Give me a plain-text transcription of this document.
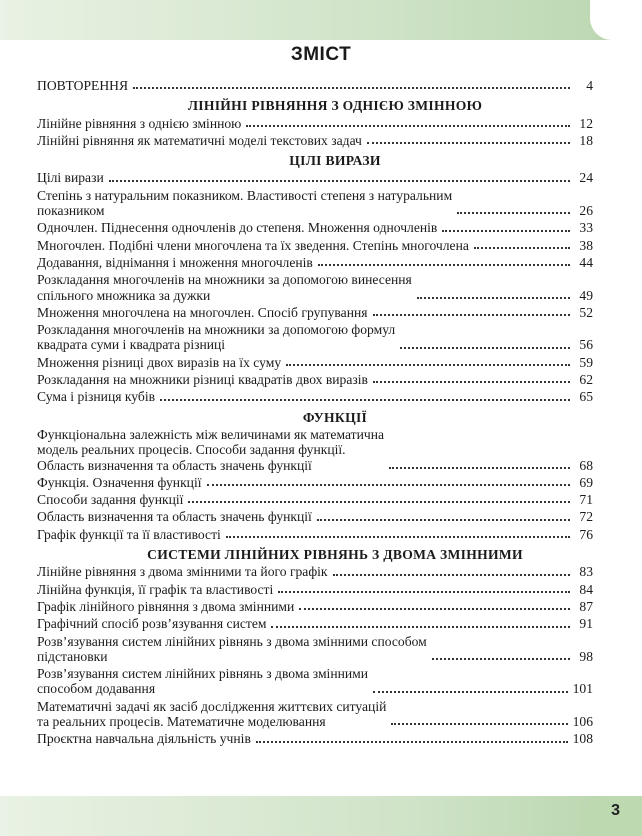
ЗМІСТ
ПОВТОРЕННЯ	4
ЛІНІЙНІ РІВНЯННЯ З ОДНІЄЮ ЗМІННОЮ
Лінійне рівняння з однією змінною	12
Лінійні рівняння як математичні моделі текстових задач	18
ЦІЛІ ВИРАЗИ
Цілі вирази	24
Степінь з натуральним показником. Властивості степеня з натуральним
показником	26
Одночлен. Піднесення одночленів до степеня. Множення одночленів	33
Многочлен. Подібні члени многочлена та їх зведення. Степінь многочлена	38
Додавання, віднімання і множення многочленів	44
Розкладання многочленів на множники за допомогою винесення
спільного множника за дужки	49
Множення многочлена на многочлен. Спосіб групування	52
Розкладання многочленів на множники за допомогою формул
квадрата суми і квадрата різниці	56
Множення різниці двох виразів на їх суму	59
Розкладання на множники різниці квадратів двох виразів	62
Сума і різниця кубів	65
ФУНКЦІЇ
Функціональна залежність між величинами як математична
модель реальних процесів. Способи задання функції.
Область визначення та область значень функції	68
Функція. Означення функції	69
Способи задання функції	71
Область визначення та область значень функції	72
Графік функції та її властивості	76
СИСТЕМИ ЛІНІЙНИХ РІВНЯНЬ З ДВОМА ЗМІННИМИ
Лінійне рівняння з двома змінними та його графік	83
Лінійна функція, її графік та властивості	84
Графік лінійного рівняння з двома змінними	87
Графічний спосіб розв’язування систем	91
Розв’язування систем лінійних рівнянь з двома змінними способом
підстановки	98
Розв’язування систем лінійних рівнянь з двома змінними
способом додавання	101
Математичні задачі як засіб дослідження життєвих ситуацій
та реальних процесів. Математичне моделювання	106
Проєктна навчальна діяльність учнів	108
3
